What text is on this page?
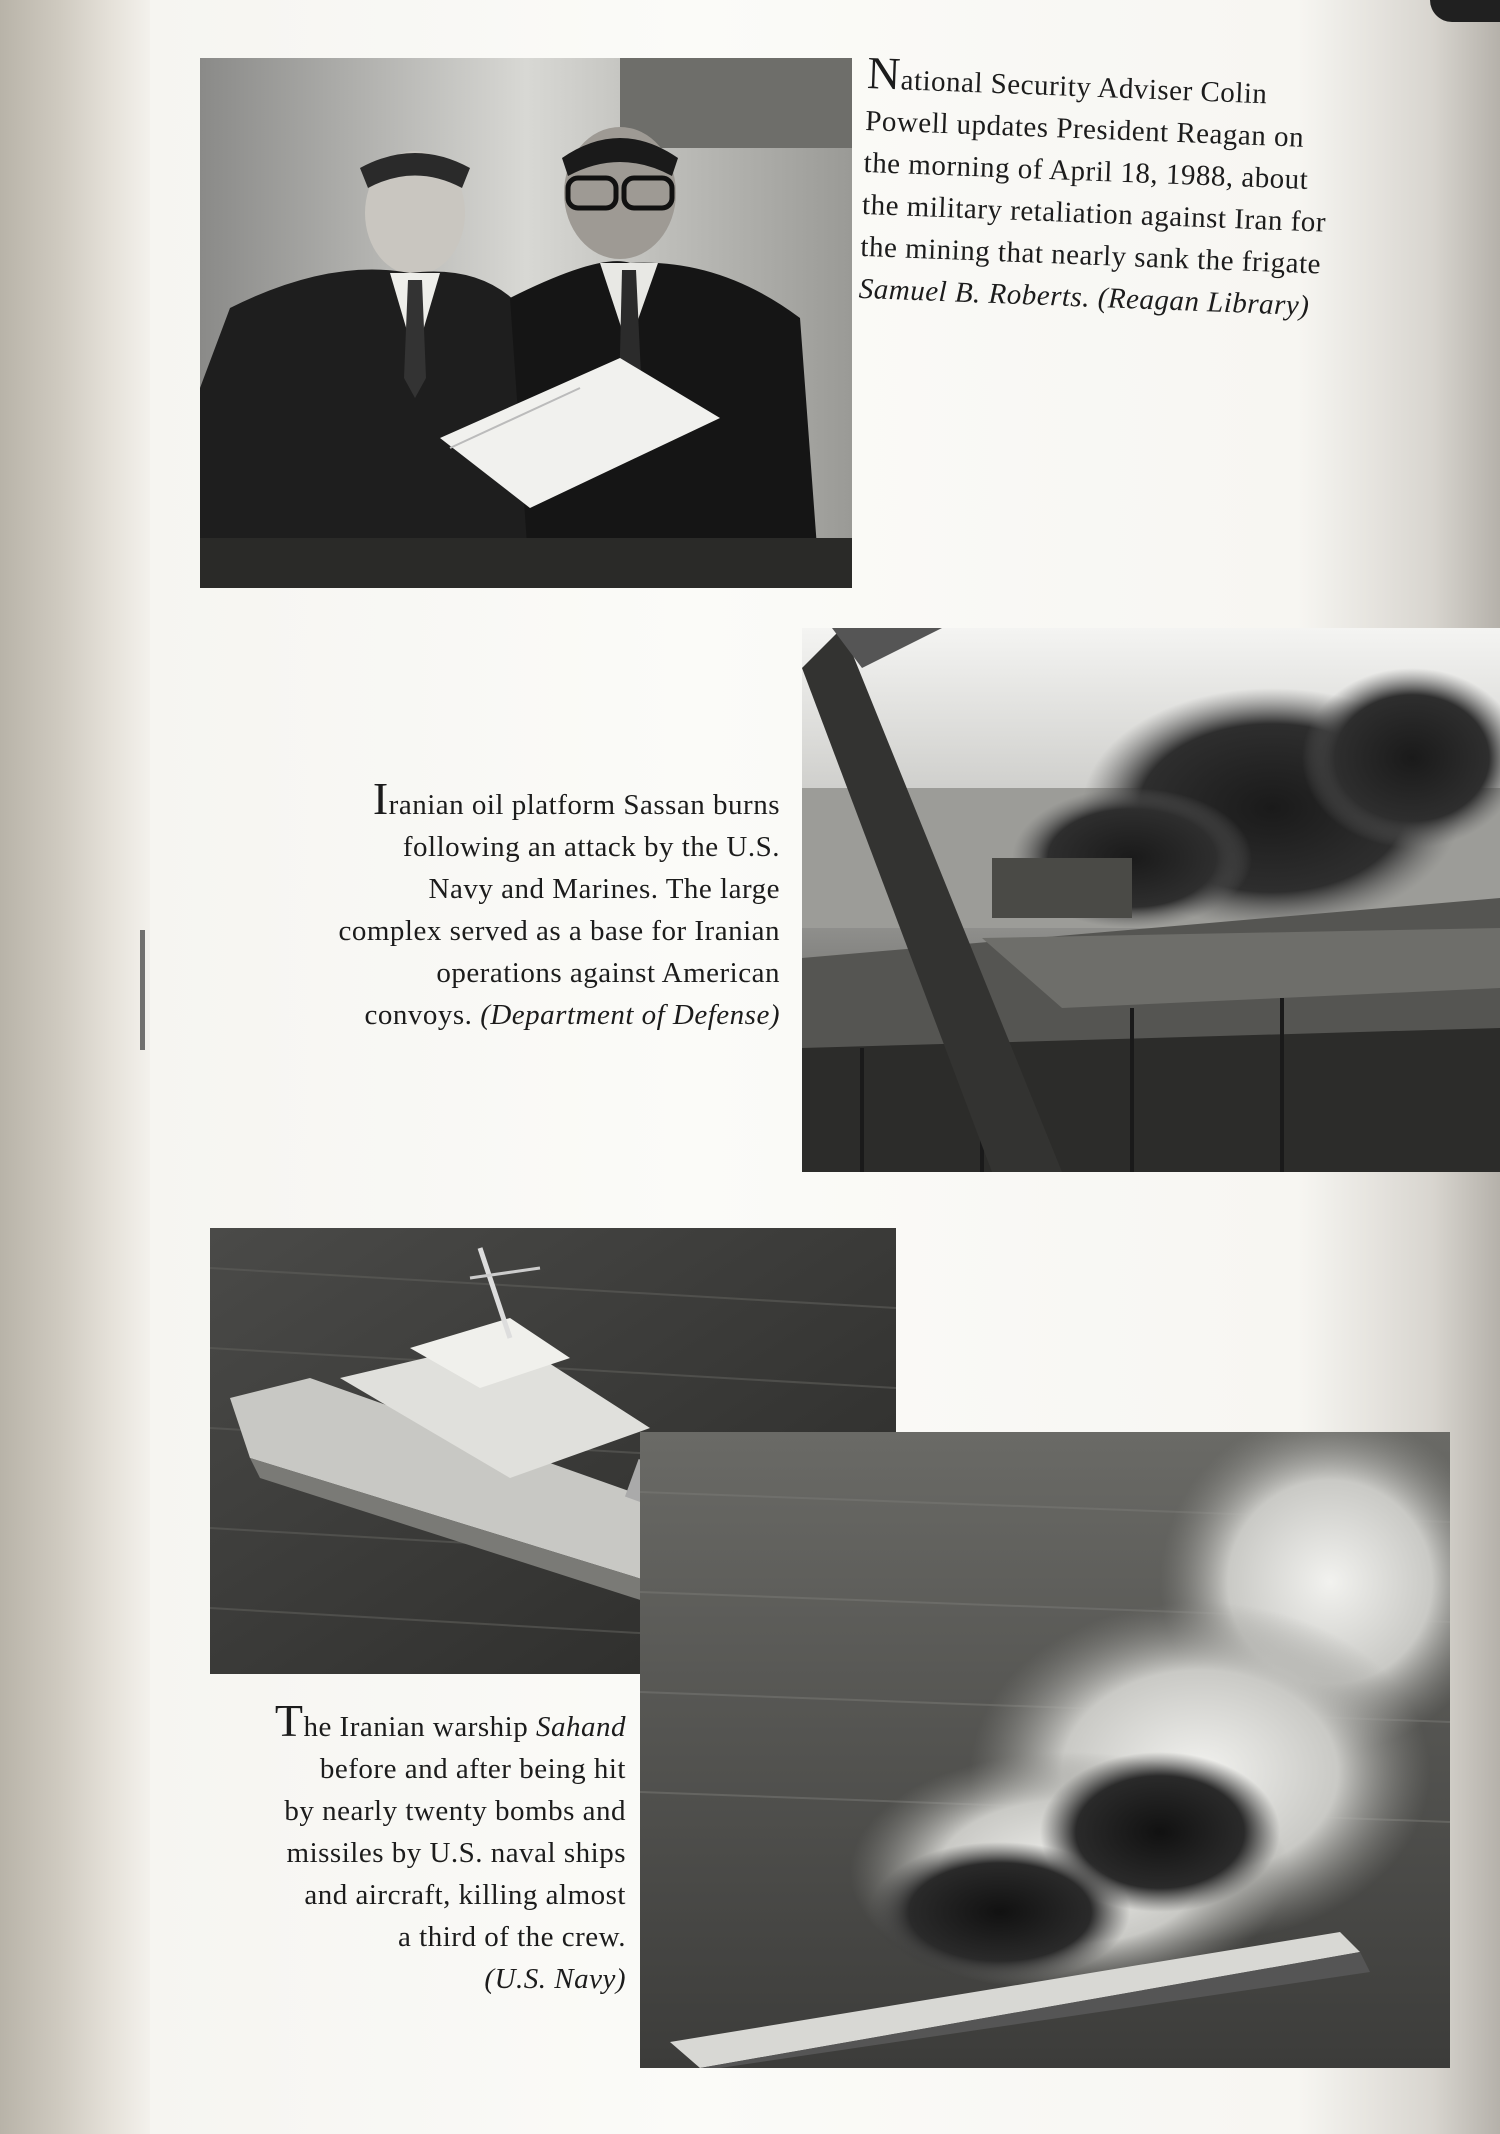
National Security Adviser Colin
Powell updates President Reagan on
the morning of April 18, 1988, about
the military retaliation against Iran for
the mining that nearly sank the frigate
Samuel B. Roberts. (Reagan Library)
Iranian oil platform Sassan burns
following an attack by the U.S.
Navy and Marines. The large
complex served as a base for Iranian
operations against American
convoys. (Department of Defense)
The Iranian warship Sahand
before and after being hit
by nearly twenty bombs and
missiles by U.S. naval ships
and aircraft, killing almost
a third of the crew.
(U.S. Navy)
